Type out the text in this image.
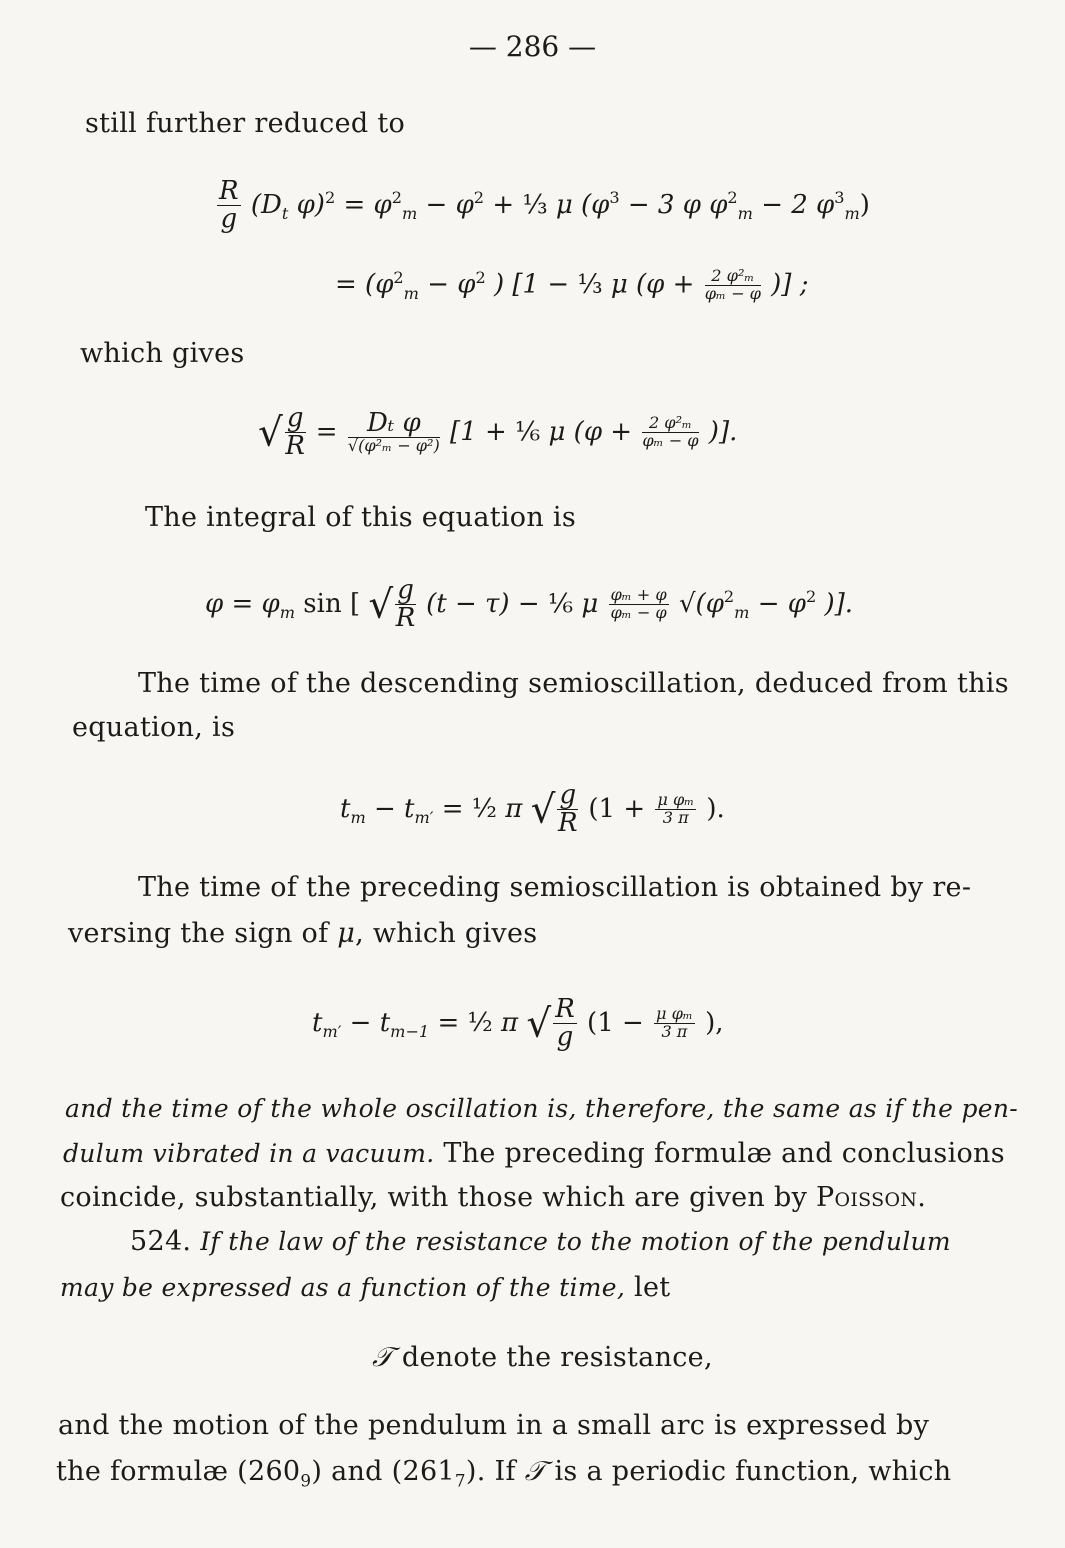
— 286 —
still further reduced to
$\frac{R}{g} (D_t$ $\varphi)^2 = \varphi^2_m - \varphi^2$ + ⅓ μ ($\varphi^3 - 3$ φ $\varphi^2_m - 2$ $\varphi^3_m$)
= ($\varphi^2_m - \varphi^2$ ) [1 − ⅓ μ ($\varphi + \frac{\text{2 φ²ₘ}}{\text{φₘ − φ}}$ )] ;
which gives
√ $\frac{g}{R} = D_t$ φ
√(φ²ₘ − φ²) [1 + ⅙ μ ($\varphi + \frac{\text{2 φ²ₘ}}{\text{φₘ − φ}}$ )].
The integral of this equation is
$\varphi = \varphi_m$ sin [ √ $\frac{g}{R} (t - \tau)$ − ⅙ μ $\frac{\text{φₘ + φ}}{\text{φₘ − φ}} √(\varphi^2_m - \varphi^2$ )].
The time of the descending semioscillation, deduced from this
equation, is
$t_m - t_{m'}$ = ½ π √ $\frac{g}{R} (1 + \frac{\text{μ φₘ}}{3 \pi}$ ).
The time of the preceding semioscillation is obtained by re-
versing the sign of μ, which gives
$t_{m'} - t_{m-1}$ = ½ π √ $\frac{R}{g} (1 - \frac{\text{μ φₘ}}{3 \pi}$ ),
and the time of the whole oscillation is, therefore, the same as if the pen-
dulum vibrated in a vacuum. The preceding formulæ and conclusions
coincide, substantially, with those which are given by Poisson.
524. If the law of the resistance to the motion of the pendulum
may be expressed as a function of the time, let
𝒯 denote the resistance,
and the motion of the pendulum in a small arc is expressed by
the formulæ $(260_9)$ and $(261_7)$. If 𝒯 is a periodic function, which
